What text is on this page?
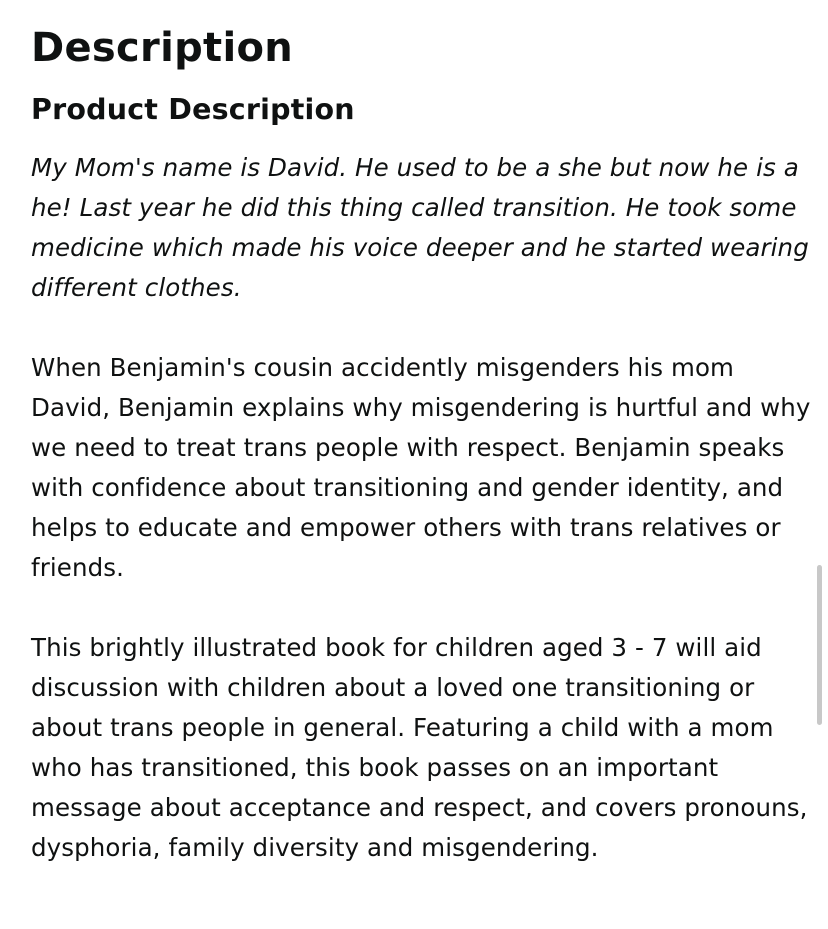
Description
Product Description

My Mom's name is David. He used to be a she but now he is a he! Last year he did this thing called transition. He took some medicine which made his voice deeper and he started wearing different clothes.

When Benjamin's cousin accidently misgenders his mom David, Benjamin explains why misgendering is hurtful and why we need to treat trans people with respect. Benjamin speaks with confidence about transitioning and gender identity, and helps to educate and empower others with trans relatives or friends.

This brightly illustrated book for children aged 3 - 7 will aid discussion with children about a loved one transitioning or about trans people in general. Featuring a child with a mom who has transitioned, this book passes on an important message about acceptance and respect, and covers pronouns, dysphoria, family diversity and misgendering.
